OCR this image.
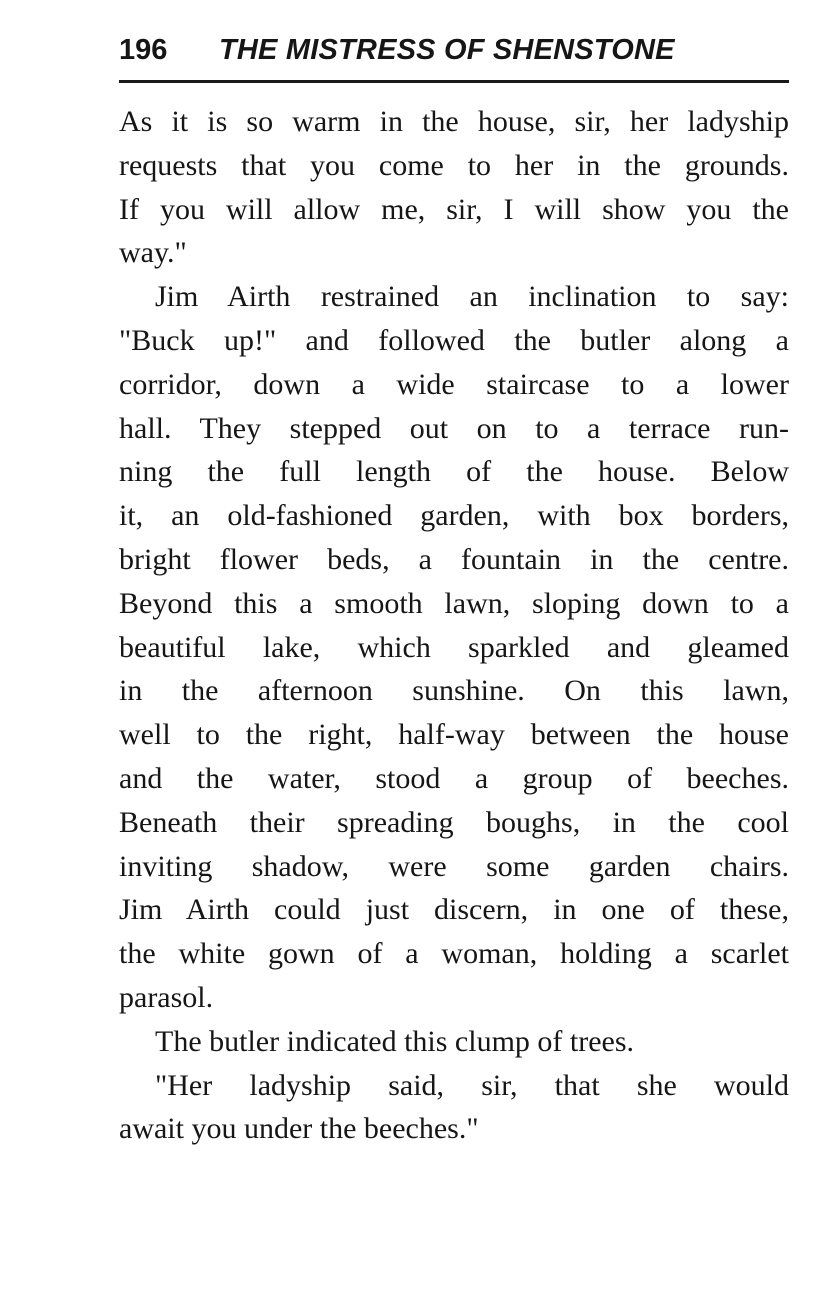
196 THE MISTRESS OF SHENSTONE
As it is so warm in the house, sir, her ladyship
requests that you come to her in the grounds.
If you will allow me, sir, I will show you the
way."
Jim Airth restrained an inclination to say:
"Buck up!" and followed the butler along a
corridor, down a wide staircase to a lower
hall. They stepped out on to a terrace run-
ning the full length of the house. Below
it, an old-fashioned garden, with box borders,
bright flower beds, a fountain in the centre.
Beyond this a smooth lawn, sloping down to a
beautiful lake, which sparkled and gleamed
in the afternoon sunshine. On this lawn,
well to the right, half-way between the house
and the water, stood a group of beeches.
Beneath their spreading boughs, in the cool
inviting shadow, were some garden chairs.
Jim Airth could just discern, in one of these,
the white gown of a woman, holding a scarlet
parasol.
The butler indicated this clump of trees.
"Her ladyship said, sir, that she would
await you under the beeches."
